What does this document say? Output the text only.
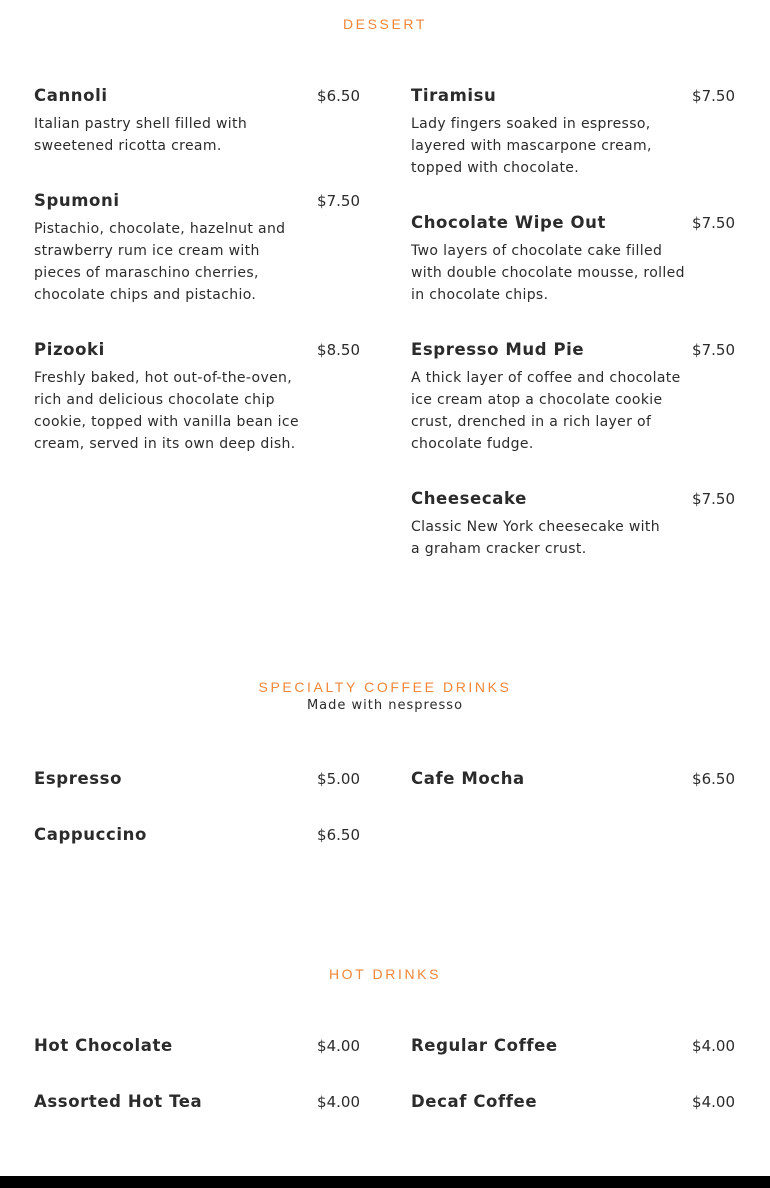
DESSERT
Cannoli	$6.50
Italian pastry shell filled with sweetened ricotta cream.
Spumoni	$7.50
Pistachio, chocolate, hazelnut and strawberry rum ice cream with pieces of maraschino cherries, chocolate chips and pistachio.
Pizooki	$8.50
Freshly baked, hot out-of-the-oven, rich and delicious chocolate chip cookie, topped with vanilla bean ice cream, served in its own deep dish.
Tiramisu	$7.50
Lady fingers soaked in espresso, layered with mascarpone cream, topped with chocolate.
Chocolate Wipe Out	$7.50
Two layers of chocolate cake filled with double chocolate mousse, rolled in chocolate chips.
Espresso Mud Pie	$7.50
A thick layer of coffee and chocolate ice cream atop a chocolate cookie crust, drenched in a rich layer of chocolate fudge.
Cheesecake	$7.50
Classic New York cheesecake with a graham cracker crust.
SPECIALTY COFFEE DRINKS
Made with nespresso
Espresso	$5.00
Cappuccino	$6.50
Cafe Mocha	$6.50
HOT DRINKS
Hot Chocolate	$4.00
Assorted Hot Tea	$4.00
Regular Coffee	$4.00
Decaf Coffee	$4.00
